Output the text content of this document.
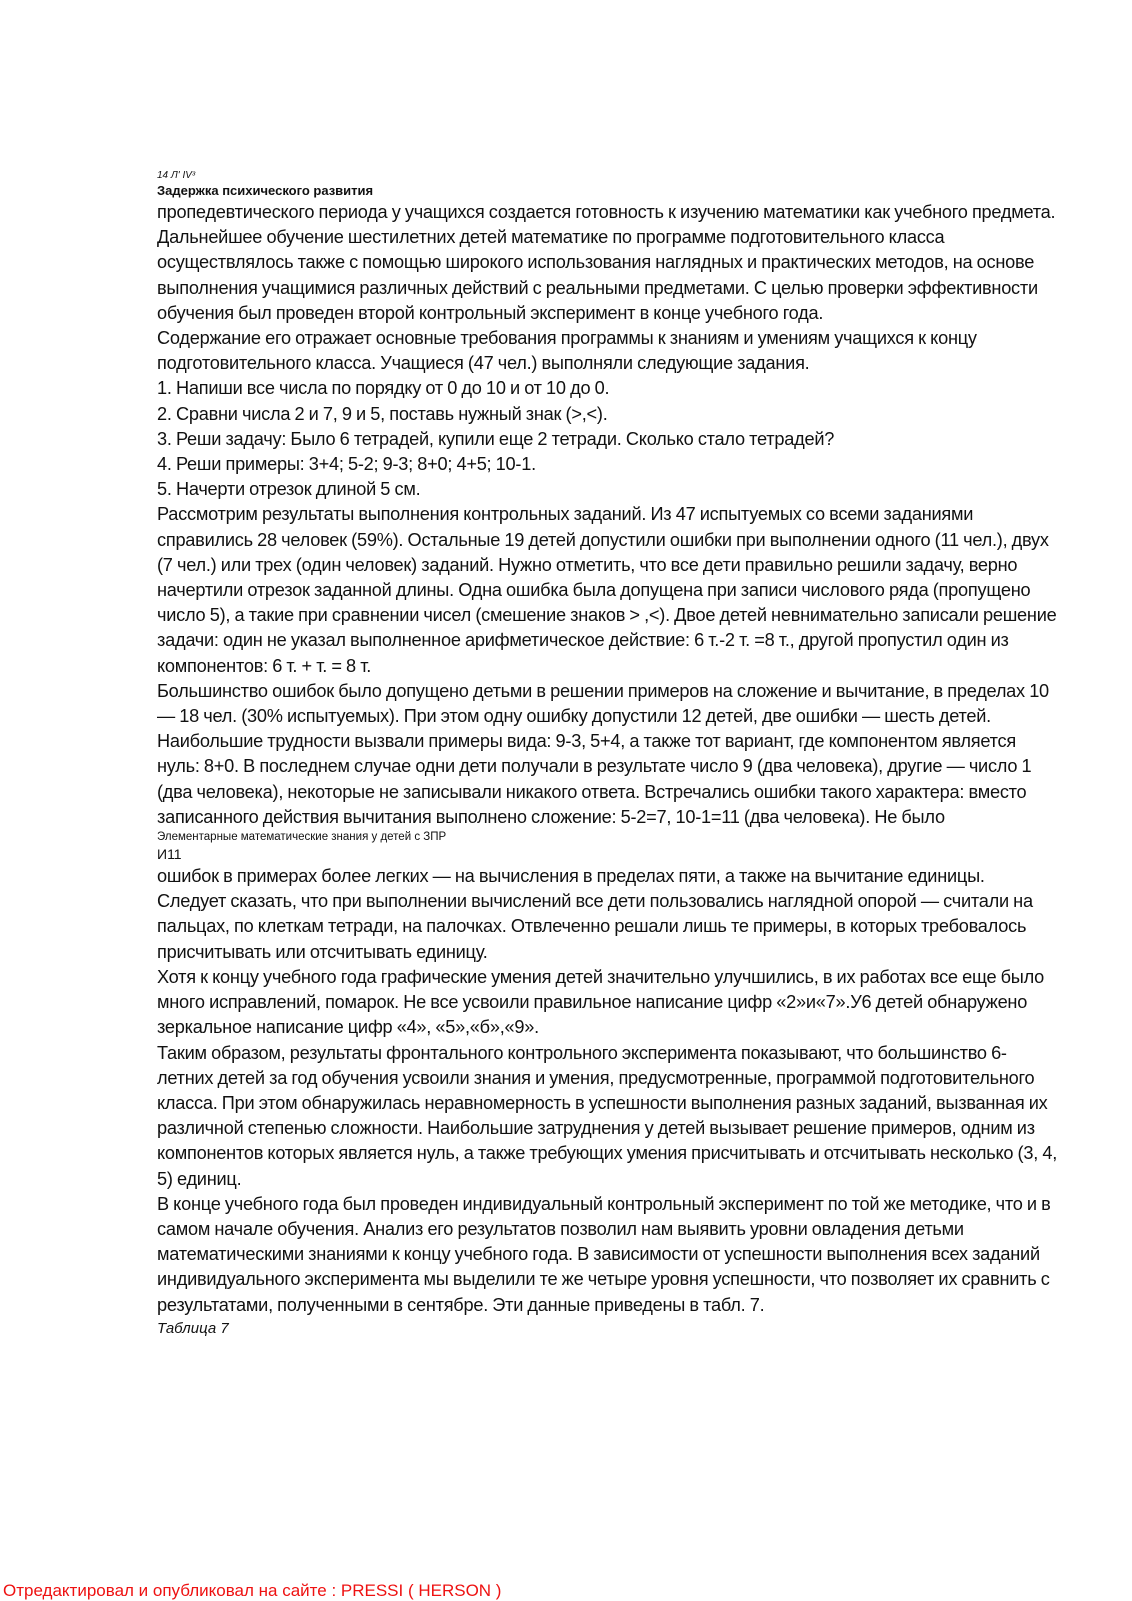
14 Л' IV³

Задержка психического развития

пропедевтического периода у учащихся создается готовность к изучению математики как учебного предмета.

Дальнейшее обучение шестилетних детей математике по программе подготовительного класса осуществлялось также с помощью широкого использования наглядных и практических методов, на основе выполнения учащимися различных действий с реальными предметами. С целью проверки эффективности обучения был проведен второй контрольный эксперимент в конце учебного года.

Содержание его отражает основные требования программы к знаниям и умениям учащихся к концу подготовительного класса. Учащиеся (47 чел.) выполняли следующие задания.

1. Напиши все числа по порядку от 0 до 10 и от 10 до 0.

2. Сравни числа 2 и 7, 9 и 5, поставь нужный знак (>,<).

3. Реши задачу: Было 6 тетрадей, купили еще 2 тетради. Сколько стало тетрадей?

4. Реши примеры: 3+4; 5-2; 9-3; 8+0; 4+5; 10-1.

5. Начерти отрезок длиной 5 см.

Рассмотрим результаты выполнения контрольных заданий. Из 47 испытуемых со всеми заданиями справились 28 человек (59%). Остальные 19 детей допустили ошибки при выполнении одного (11 чел.), двух (7 чел.) или трех (один человек) заданий. Нужно отметить, что все дети правильно решили задачу, верно начертили отрезок заданной длины. Одна ошибка была допущена при записи числового ряда (пропущено число 5), а такие при сравнении чисел (смешение знаков > ,<). Двое детей невнимательно записали решение задачи: один не указал выполненное арифметическое действие: 6 т.-2 т. =8 т., другой пропустил один из компонентов: 6 т. + т. = 8 т.

Большинство ошибок было допущено детьми в решении примеров на сложение и вычитание, в пределах 10 — 18 чел. (30% испытуемых). При этом одну ошибку допустили 12 детей, две ошибки — шесть детей. Наибольшие трудности вызвали примеры вида: 9-3, 5+4, а также тот вариант, где компонентом является нуль: 8+0. В последнем случае одни дети получали в результате число 9 (два человека), другие — число 1 (два человека), некоторые не записывали никакого ответа. Встречались ошибки такого характера: вместо записанного действия вычитания выполнено сложение: 5-2=7, 10-1=11 (два человека). Не было

Элементарные математические знания у детей с ЗПР

И11

ошибок в примерах более легких — на вычисления в пределах пяти, а также на вычитание единицы.

Следует сказать, что при выполнении вычислений все дети пользовались наглядной опорой — считали на пальцах, по клеткам тетради, на палочках. Отвлеченно решали лишь те примеры, в которых требовалось присчитывать или отсчитывать единицу.

Хотя к концу учебного года графические умения детей значительно улучшились, в их работах все еще было много исправлений, помарок. Не все усвоили правильное написание цифр «2»и«7».У6 детей обнаружено зеркальное написание цифр «4», «5»,«б»,«9».

Таким образом, результаты фронтального контрольного эксперимента показывают, что большинство 6-летних детей за год обучения усвоили знания и умения, предусмотренные, программой подготовительного класса. При этом обнаружилась неравномерность в успешности выполнения разных заданий, вызванная их различной степенью сложности. Наибольшие затруднения у детей вызывает решение примеров, одним из компонентов которых является нуль, а также требующих умения присчитывать и отсчитывать несколько (3, 4, 5) единиц.

В конце учебного года был проведен индивидуальный контрольный эксперимент по той же методике, что и в самом начале обучения. Анализ его результатов позволил нам выявить уровни овладения детьми математическими знаниями к концу учебного года. В зависимости от успешности выполнения всех заданий индивидуального эксперимента мы выделили те же четыре уровня успешности, что позволяет их сравнить с результатами, полученными в сентябре. Эти данные приведены в табл. 7.

Таблица 7

Отредактировал и опубликовал на сайте : PRESSI ( HERSON )
